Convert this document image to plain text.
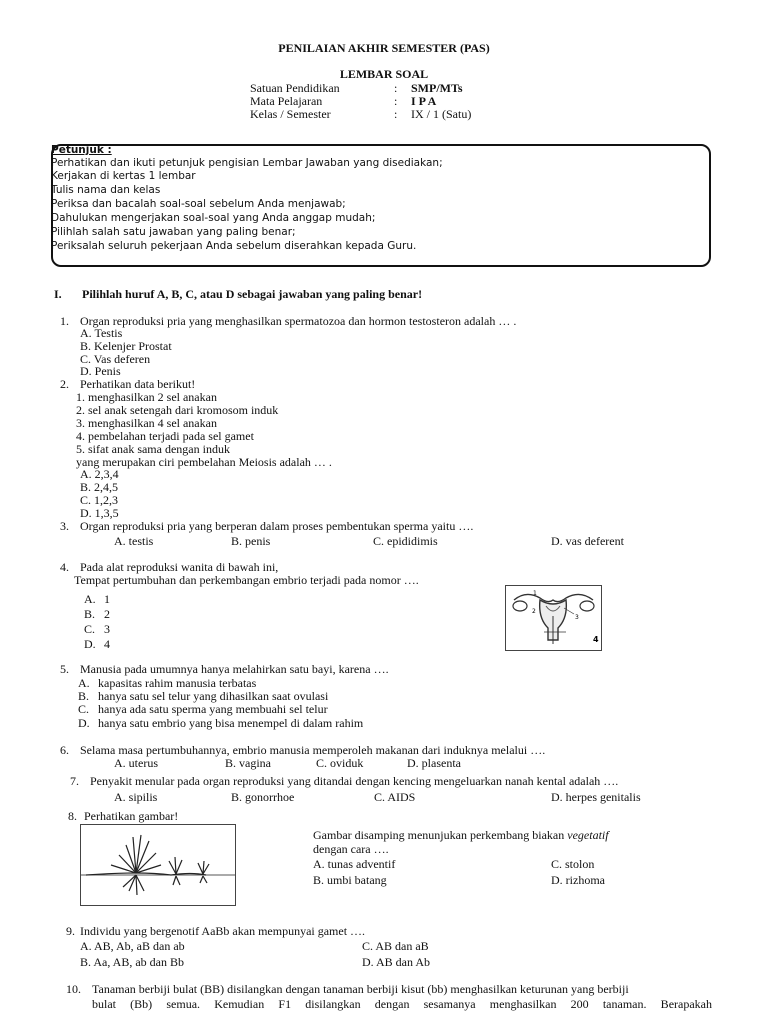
PENILAIAN AKHIR SEMESTER (PAS)
LEMBAR SOAL
Satuan Pendidikan	: SMP/MTs
Mata Pelajaran	: I P A
Kelas / Semester	: IX / 1 (Satu)
Petunjuk :
Perhatikan dan ikuti petunjuk pengisian Lembar Jawaban yang disediakan;
Kerjakan di kertas 1 lembar
Tulis nama dan kelas
Periksa dan bacalah soal-soal sebelum Anda menjawab;
Dahulukan mengerjakan soal-soal yang Anda anggap mudah;
Pilihlah salah satu jawaban yang paling benar;
Periksalah seluruh pekerjaan Anda sebelum diserahkan kepada Guru.
I. Pilihlah huruf A, B, C, atau D sebagai jawaban yang paling benar!
1. Organ reproduksi pria yang menghasilkan spermatozoa dan hormon testosteron adalah … .
A. Testis
B. Kelenjer Prostat
C. Vas deferen
D. Penis
2. Perhatikan data berikut!
1. menghasilkan 2 sel anakan
2. sel anak setengah dari kromosom induk
3. menghasilkan 4 sel anakan
4. pembelahan terjadi pada sel gamet
5. sifat anak sama dengan induk
yang merupakan ciri pembelahan Meiosis adalah … .
A. 2,3,4
B. 2,4,5
C. 1,2,3
D. 1,3,5
3. Organ reproduksi pria yang berperan dalam proses pembentukan sperma yaitu ….
A. testis	B. penis	C. epididimis	D. vas deferent
4. Pada alat reproduksi wanita di bawah ini,
Tempat pertumbuhan dan perkembangan embrio terjadi pada nomor ….
A. 1
B. 2
C. 3
D. 4
1
2
3
4
5. Manusia pada umumnya hanya melahirkan satu bayi, karena ….
A. kapasitas rahim manusia terbatas
B. hanya satu sel telur yang dihasilkan saat ovulasi
C. hanya ada satu sperma yang membuahi sel telur
D. hanya satu embrio yang bisa menempel di dalam rahim
6. Selama masa pertumbuhannya, embrio manusia memperoleh makanan dari induknya melalui ….
A. uterus	B. vagina	C. oviduk	D. plasenta
7. Penyakit menular pada organ reproduksi yang ditandai dengan kencing mengeluarkan nanah kental adalah ….
A. sipilis	B. gonorrhoe	C. AIDS	D. herpes genitalis
8. Perhatikan gambar!
Gambar disamping menunjukan perkembang biakan vegetatif
dengan cara ….
A. tunas adventif	C. stolon
B. umbi batang	D. rizhoma
9. Individu yang bergenotif AaBb akan mempunyai gamet ….
A. AB, Ab, aB dan ab	C. AB dan aB
B. Aa, AB, ab dan Bb	D. AB dan Ab
10. Tanaman berbiji bulat (BB) disilangkan dengan tanaman berbiji kisut (bb) menghasilkan keturunan yang berbiji
bulat (Bb) semua. Kemudian F1 disilangkan dengan sesamanya menghasilkan 200 tanaman. Berapakah
